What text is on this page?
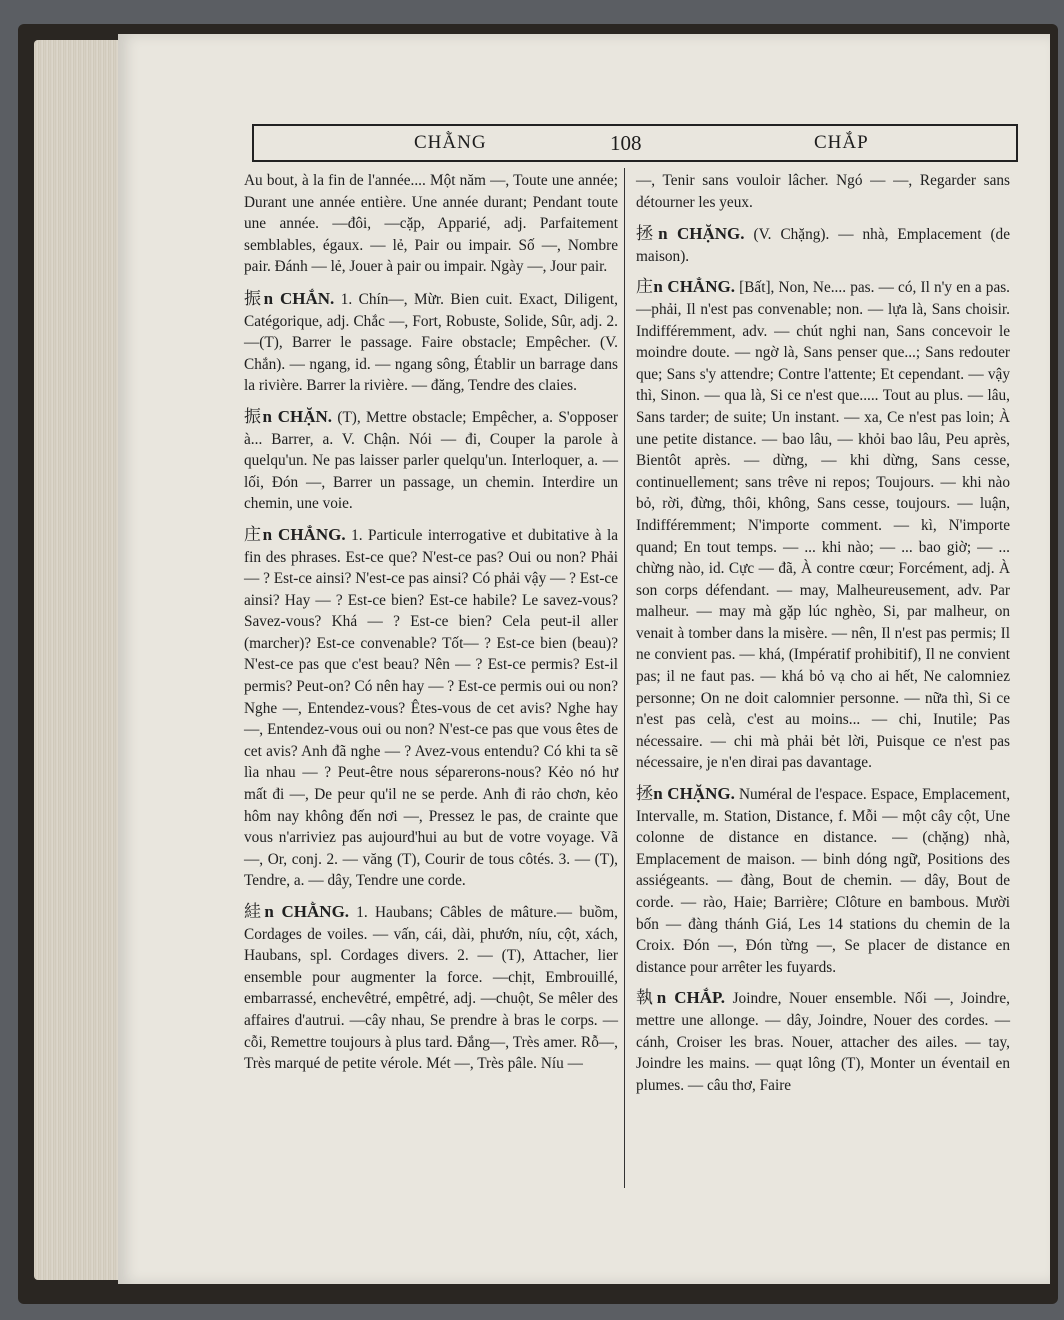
CHẰNG	108	CHẮP

Au bout, à la fin de l'année.... Một năm —, Toute une année; Durant une année entière. Une année durant; Pendant toute une année. —đôi, —cặp, Apparié, adj. Parfaitement semblables, égaux. — lẻ, Pair ou impair. Số —, Nombre pair. Đánh — lẻ, Jouer à pair ou impair. Ngày —, Jour pair.

振n CHẮN. 1. Chín—, Mừr. Bien cuit. Exact, Diligent, Catégorique, adj. Chắc —, Fort, Robuste, Solide, Sûr, adj. 2.—(T), Barrer le passage. Faire obstacle; Empêcher. (V. Chắn). — ngang, id. — ngang sông, Établir un barrage dans la rivière. Barrer la rivière. — đăng, Tendre des claies.

振n CHẶN. (T), Mettre obstacle; Empêcher, a. S'opposer à... Barrer, a. V. Chận. Nói — đi, Couper la parole à quelqu'un. Ne pas laisser parler quelqu'un. Interloquer, a. — lối, Đón —, Barrer un passage, un chemin. Interdire un chemin, une voie.

庄n CHẲNG. 1. Particule interrogative et dubitative à la fin des phrases. Est-ce que? N'est-ce pas? Oui ou non? Phải — ? Est-ce ainsi? N'est-ce pas ainsi? Có phải vậy — ? Est-ce ainsi? Hay — ? Est-ce bien? Est-ce habile? Le savez-vous? Savez-vous? Khá — ? Est-ce bien? Cela peut-il aller (marcher)? Est-ce convenable? Tốt— ? Est-ce bien (beau)? N'est-ce pas que c'est beau? Nên — ? Est-ce permis? Est-il permis? Peut-on? Có nên hay — ? Est-ce permis oui ou non? Nghe —, Entendez-vous? Êtes-vous de cet avis? Nghe hay —, Entendez-vous oui ou non? N'est-ce pas que vous êtes de cet avis? Anh đã nghe — ? Avez-vous entendu? Có khi ta sẽ lìa nhau — ? Peut-être nous séparerons-nous? Kẻo nó hư mất đi —, De peur qu'il ne se perde. Anh đi rảo chơn, kẻo hôm nay không đến nơi —, Pressez le pas, de crainte que vous n'arriviez pas aujourd'hui au but de votre voyage. Vã —, Or, conj. 2. — văng (T), Courir de tous côtés. 3. — (T), Tendre, a. — dây, Tendre une corde.

絓n CHẰNG. 1. Haubans; Câbles de mâture.— buồm, Cordages de voiles. — vấn, cái, dài, phướn, níu, cột, xách, Haubans, spl. Cordages divers. 2. — (T), Attacher, lier ensemble pour augmenter la force. —chịt, Embrouillé, embarrassé, enchevêtré, empêtré, adj. —chuột, Se mêler des affaires d'autrui. —cây nhau, Se prendre à bras le corps. — cỗi, Remettre toujours à plus tard. Đắng—, Très amer. Rỗ—, Très marqué de petite vérole. Mét —, Très pâle. Níu —

—, Tenir sans vouloir lâcher. Ngó — —, Regarder sans détourner les yeux.

拯n CHẶNG. (V. Chặng). — nhà, Emplacement (de maison).

庄n CHẲNG. [Bất], Non, Ne.... pas. — có, Il n'y en a pas. —phải, Il n'est pas convenable; non. — lựa là, Sans choisir. Indifféremment, adv. — chút nghi nan, Sans concevoir le moindre doute. — ngờ là, Sans penser que...; Sans redouter que; Sans s'y attendre; Contre l'attente; Et cependant. — vậy thì, Sinon. — qua là, Si ce n'est que..... Tout au plus. — lâu, Sans tarder; de suite; Un instant. — xa, Ce n'est pas loin; À une petite distance. — bao lâu, — khỏi bao lâu, Peu après, Bientôt après. — dừng, — khi dừng, Sans cesse, continuellement; sans trêve ni repos; Toujours. — khi nào bỏ, rời, đừng, thôi, không, Sans cesse, toujours. — luận, Indifféremment; N'importe comment. — kì, N'importe quand; En tout temps. — ... khi nào; — ... bao giờ; — ... chừng nào, id. Cực — đã, À contre cœur; Forcément, adj. À son corps défendant. — may, Malheureusement, adv. Par malheur. — may mà gặp lúc nghèo, Si, par malheur, on venait à tomber dans la misère. — nên, Il n'est pas permis; Il ne convient pas. — khá, (Impératif prohibitif), Il ne convient pas; il ne faut pas. — khá bỏ vạ cho ai hết, Ne calomniez personne; On ne doit calomnier personne. — nữa thì, Si ce n'est pas celà, c'est au moins... — chi, Inutile; Pas nécessaire. — chi mà phải bẻt lời, Puisque ce n'est pas nécessaire, je n'en dirai pas davantage.

拯n CHẶNG. Numéral de l'espace. Espace, Emplacement, Intervalle, m. Station, Distance, f. Mỗi — một cây cột, Une colonne de distance en distance. — (chặng) nhà, Emplacement de maison. — binh dóng ngữ, Positions des assiégeants. — đàng, Bout de chemin. — dây, Bout de corde. — rào, Haie; Barrière; Clôture en bambous. Mười bốn — đàng thánh Giá, Les 14 stations du chemin de la Croix. Đón —, Đón từng —, Se placer de distance en distance pour arrêter les fuyards.

執n CHẮP. Joindre, Nouer ensemble. Nối —, Joindre, mettre une allonge. — dây, Joindre, Nouer des cordes. — cánh, Croiser les bras. Nouer, attacher des ailes. — tay, Joindre les mains. — quạt lông (T), Monter un éventail en plumes. — câu thơ, Faire
